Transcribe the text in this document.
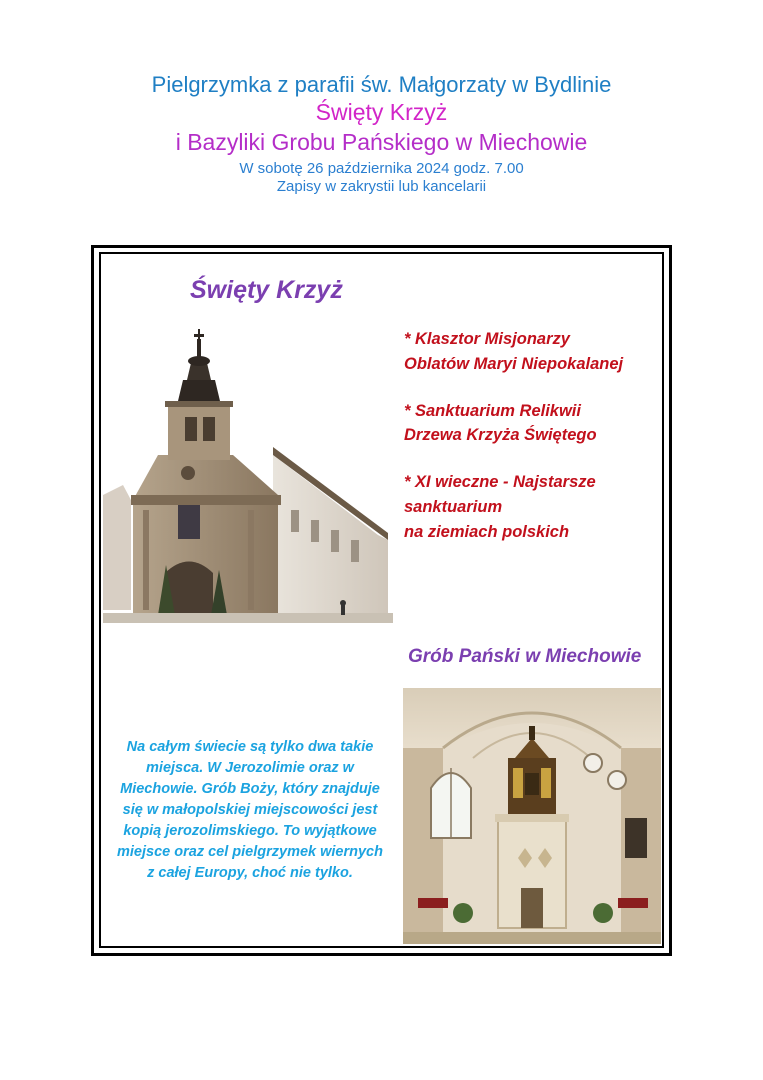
Pielgrzymka z parafii św. Małgorzaty w Bydlinie
Święty Krzyż
i Bazyliki Grobu Pańskiego w Miechowie
W sobotę 26 października 2024 godz. 7.00
Zapisy w zakrystii lub kancelarii
Święty Krzyż

* Klasztor Misjonarzy
Oblatów Maryi Niepokalanej

* Sanktuarium Relikwii
Drzewa Krzyża Świętego

* XI wieczne - Najstarsze
sanktuarium
na ziemiach polskich

Grób Pański w Miechowie
Na całym świecie są tylko dwa takie
miejsca. W Jerozolimie oraz w
Miechowie. Grób Boży, który znajduje
się w małopolskiej miejscowości jest
kopią jerozolimskiego. To wyjątkowe
miejsce oraz cel pielgrzymek wiernych
z całej Europy, choć nie tylko.
